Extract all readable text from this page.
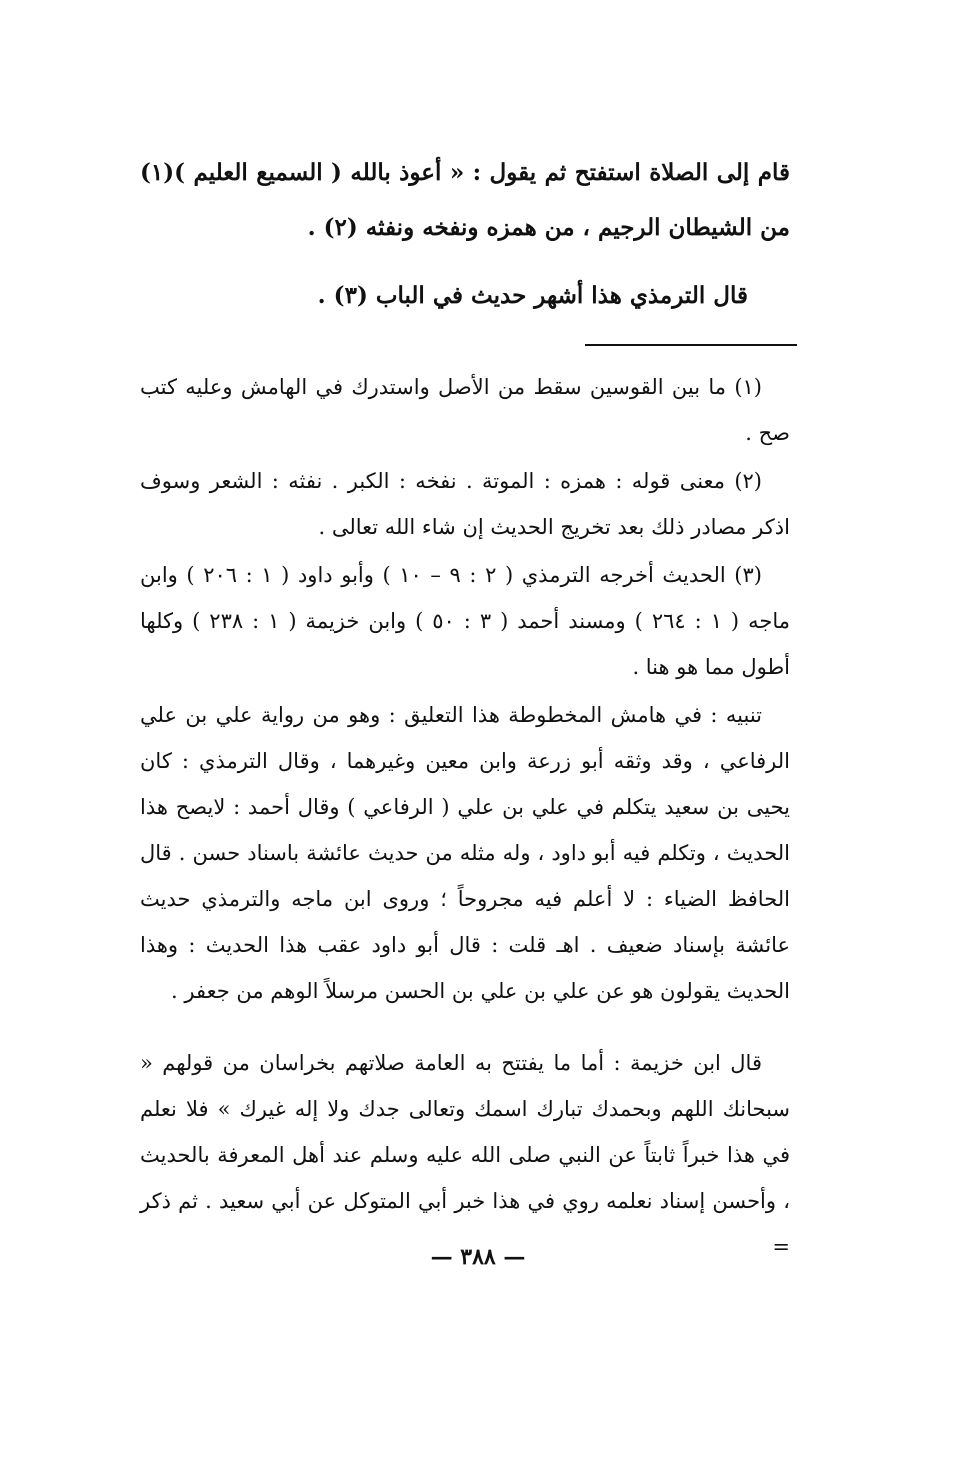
قام إلى الصلاة استفتح ثم يقول : « أعوذ بالله ( السميع العليم )(١) من الشيطان الرجيم ، من همزه ونفخه ونفثه (٢) .

قال الترمذي هذا أشهر حديث في الباب (٣) .

(١) ما بين القوسين سقط من الأصل واستدرك في الهامش وعليه كتب صح .

(٢) معنى قوله : همزه : الموتة . نفخه : الكبر . نفثه : الشعر وسوف اذكر مصادر ذلك بعد تخريج الحديث إن شاء الله تعالى .

(٣) الحديث أخرجه الترمذي ( ٢ : ٩ – ١٠ ) وأبو داود ( ١ : ٢٠٦ ) وابن ماجه ( ١ : ٢٦٤ ) ومسند أحمد ( ٣ : ٥٠ ) وابن خزيمة ( ١ : ٢٣٨ ) وكلها أطول مما هو هنا .

تنبيه : في هامش المخطوطة هذا التعليق : وهو من رواية علي بن علي الرفاعي ، وقد وثقه أبو زرعة وابن معين وغيرهما ، وقال الترمذي : كان يحيى بن سعيد يتكلم في علي بن علي ( الرفاعي ) وقال أحمد : لايصح هذا الحديث ، وتكلم فيه أبو داود ، وله مثله من حديث عائشة باسناد حسن . قال الحافظ الضياء : لا أعلم فيه مجروحاً ؛ وروى ابن ماجه والترمذي حديث عائشة بإسناد ضعيف . اهـ قلت : قال أبو داود عقب هذا الحديث : وهذا الحديث يقولون هو عن علي بن علي بن الحسن مرسلاً الوهم من جعفر .

قال ابن خزيمة : أما ما يفتتح به العامة صلاتهم بخراسان من قولهم « سبحانك اللهم وبحمدك تبارك اسمك وتعالى جدك ولا إله غيرك » فلا نعلم في هذا خبراً ثابتاً عن النبي صلى الله عليه وسلم عند أهل المعرفة بالحديث ، وأحسن إسناد نعلمه روي في هذا خبر أبي المتوكل عن أبي سعيد . ثم ذكر =

— ٣٨٨ —
